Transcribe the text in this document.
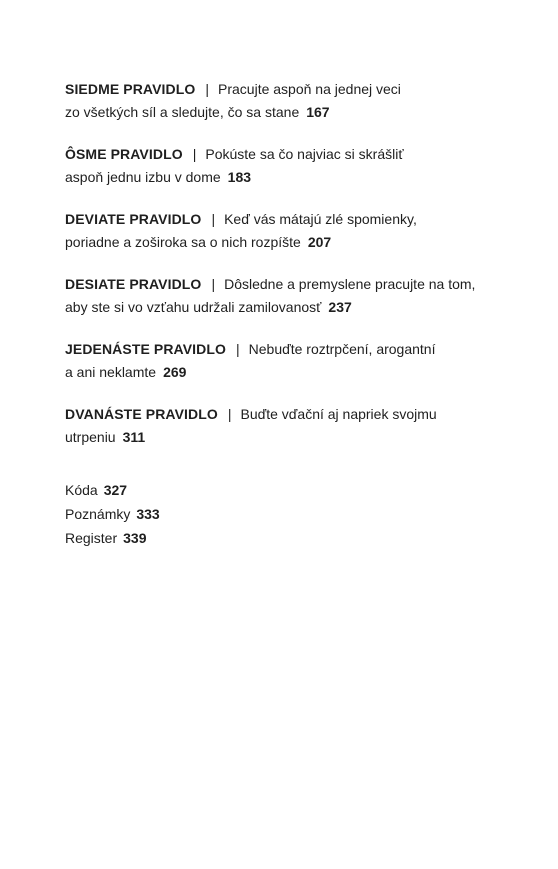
SIEDME PRAVIDLO | Pracujte aspoň na jednej veci
zo všetkých síl a sledujte, čo sa stane 167
ÔSME PRAVIDLO | Pokúste sa čo najviac si skrášliť
aspoň jednu izbu v dome 183
DEVIATE PRAVIDLO | Keď vás mátajú zlé spomienky,
poriadne a zoširoka sa o nich rozpíšte 207
DESIATE PRAVIDLO | Dôsledne a premyslene pracujte na tom,
aby ste si vo vzťahu udržali zamilovanosť 237
JEDENÁSTE PRAVIDLO | Nebuďte roztrpčení, arogantní
a ani neklamte 269
DVANÁSTE PRAVIDLO | Buďte vďační aj napriek svojmu
utrpeniu 311
Kóda 327
Poznámky 333
Register 339
